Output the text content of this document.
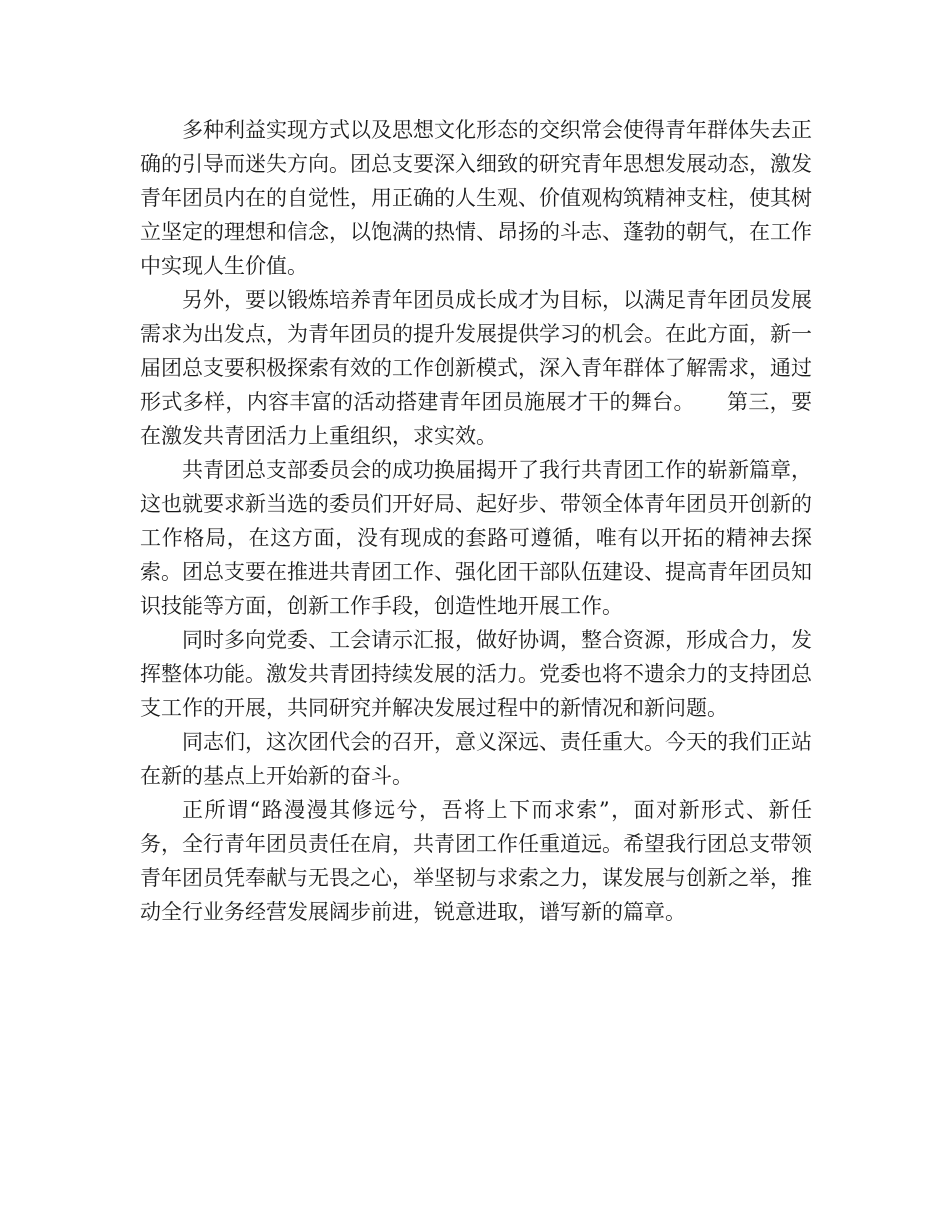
多种利益实现方式以及思想文化形态的交织常会使得青年群体失去正确的引导而迷失方向。团总支要深入细致的研究青年思想发展动态，激发青年团员内在的自觉性，用正确的人生观、价值观构筑精神支柱，使其树立坚定的理想和信念，以饱满的热情、昂扬的斗志、蓬勃的朝气，在工作中实现人生价值。

另外，要以锻炼培养青年团员成长成才为目标，以满足青年团员发展需求为出发点，为青年团员的提升发展提供学习的机会。在此方面，新一届团总支要积极探索有效的工作创新模式，深入青年群体了解需求，通过形式多样，内容丰富的活动搭建青年团员施展才干的舞台。　　第三，要在激发共青团活力上重组织，求实效。

共青团总支部委员会的成功换届揭开了我行共青团工作的崭新篇章，这也就要求新当选的委员们开好局、起好步、带领全体青年团员开创新的工作格局，在这方面，没有现成的套路可遵循，唯有以开拓的精神去探索。团总支要在推进共青团工作、强化团干部队伍建设、提高青年团员知识技能等方面，创新工作手段，创造性地开展工作。

同时多向党委、工会请示汇报，做好协调，整合资源，形成合力，发挥整体功能。激发共青团持续发展的活力。党委也将不遗余力的支持团总支工作的开展，共同研究并解决发展过程中的新情况和新问题。

同志们，这次团代会的召开，意义深远、责任重大。今天的我们正站在新的基点上开始新的奋斗。

正所谓“路漫漫其修远兮，吾将上下而求索”，面对新形式、新任务，全行青年团员责任在肩，共青团工作任重道远。希望我行团总支带领青年团员凭奉献与无畏之心，举坚韧与求索之力，谋发展与创新之举，推动全行业务经营发展阔步前进，锐意进取，谱写新的篇章。
